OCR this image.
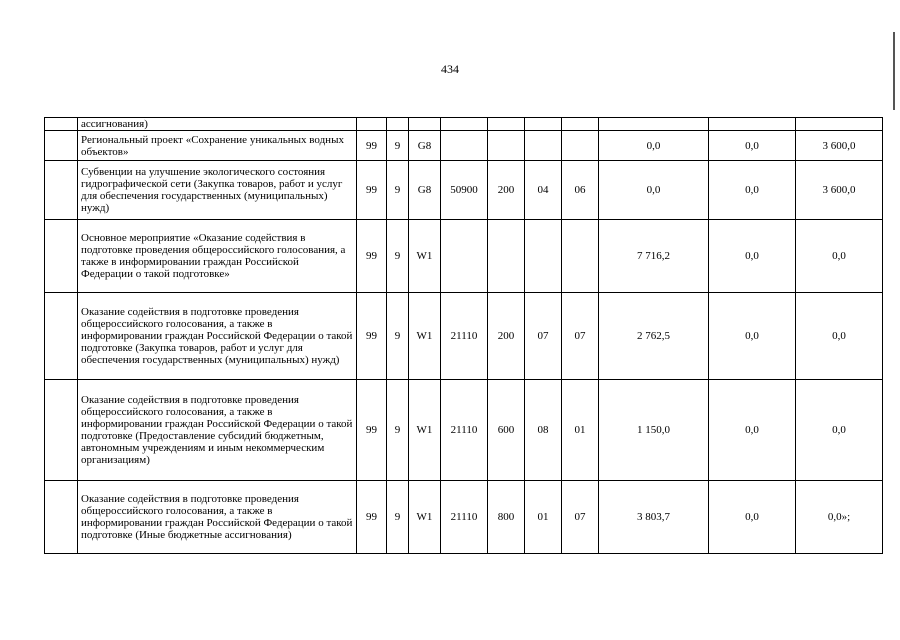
434
	ассигнования)										
	Региональный проект «Сохранение уникальных водных объектов»	99	9	G8					0,0	0,0	3 600,0
	Субвенции на улучшение экологического состояния гидрографической сети (Закупка товаров, работ и услуг для обеспечения государственных (муниципальных) нужд)	99	9	G8	50900	200	04	06	0,0	0,0	3 600,0
	Основное мероприятие «Оказание содействия в подготовке проведения общероссийского голосования, а также в информировании граждан Российской Федерации о такой подготовке»	99	9	W1					7 716,2	0,0	0,0
	Оказание содействия в подготовке проведения общероссийского голосования, а также в информировании граждан Российской Федерации о такой подготовке (Закупка товаров, работ и услуг для обеспечения государственных (муниципальных) нужд)	99	9	W1	21110	200	07	07	2 762,5	0,0	0,0
	Оказание содействия в подготовке проведения общероссийского голосования, а также в информировании граждан Российской Федерации о такой подготовке (Предоставление субсидий бюджетным, автономным учреждениям и иным некоммерческим организациям)	99	9	W1	21110	600	08	01	1 150,0	0,0	0,0
	Оказание содействия в подготовке проведения общероссийского голосования, а также в информировании граждан Российской Федерации о такой подготовке (Иные бюджетные ассигнования)	99	9	W1	21110	800	01	07	3 803,7	0,0	0,0»;
